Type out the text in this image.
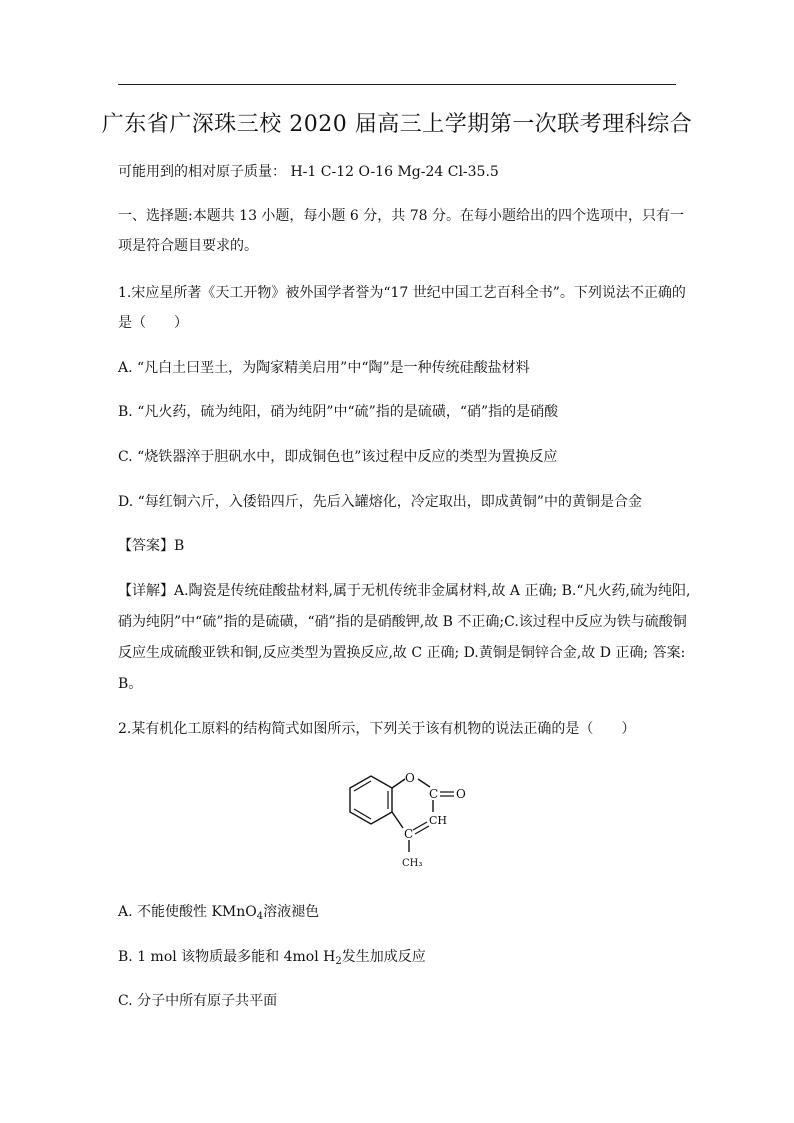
广东省广深珠三校 2020 届高三上学期第一次联考理科综合
可能用到的相对原子质量： H-1 C-12 O-16 Mg-24 Cl-35.5
一、选择题:本题共 13 小题，每小题 6 分，共 78 分。在每小题给出的四个选项中，只有一
项是符合题目要求的。
1.宋应星所著《天工开物》被外国学者誉为“17 世纪中国工艺百科全书”。下列说法不正确的
是（　　）
A. “凡白土曰垩土，为陶家精美启用”中“陶”是一种传统硅酸盐材料
B. “凡火药，硫为纯阳，硝为纯阴”中“硫”指的是硫磺，“硝”指的是硝酸
C. “烧铁器淬于胆矾水中，即成铜色也”该过程中反应的类型为置换反应
D. “每红铜六斤，入倭铅四斤，先后入罐熔化，冷定取出，即成黄铜”中的黄铜是合金
【答案】B
【详解】A.陶瓷是传统硅酸盐材料,属于无机传统非金属材料,故 A 正确; B.“凡火药,硫为纯阳,
硝为纯阴”中“硫”指的是硫磺，“硝”指的是硝酸钾,故 B 不正确;C.该过程中反应为铁与硫酸铜
反应生成硫酸亚铁和铜,反应类型为置换反应,故 C 正确; D.黄铜是铜锌合金,故 D 正确; 答案:
B。
2.某有机化工原料的结构简式如图所示，下列关于该有机物的说法正确的是（　　）
O
C O
CH
C
CH₃
A. 不能使酸性 KMnO$_4$溶液褪色
B. 1 mol 该物质最多能和 4mol $H_2$发生加成反应
C. 分子中所有原子共平面
